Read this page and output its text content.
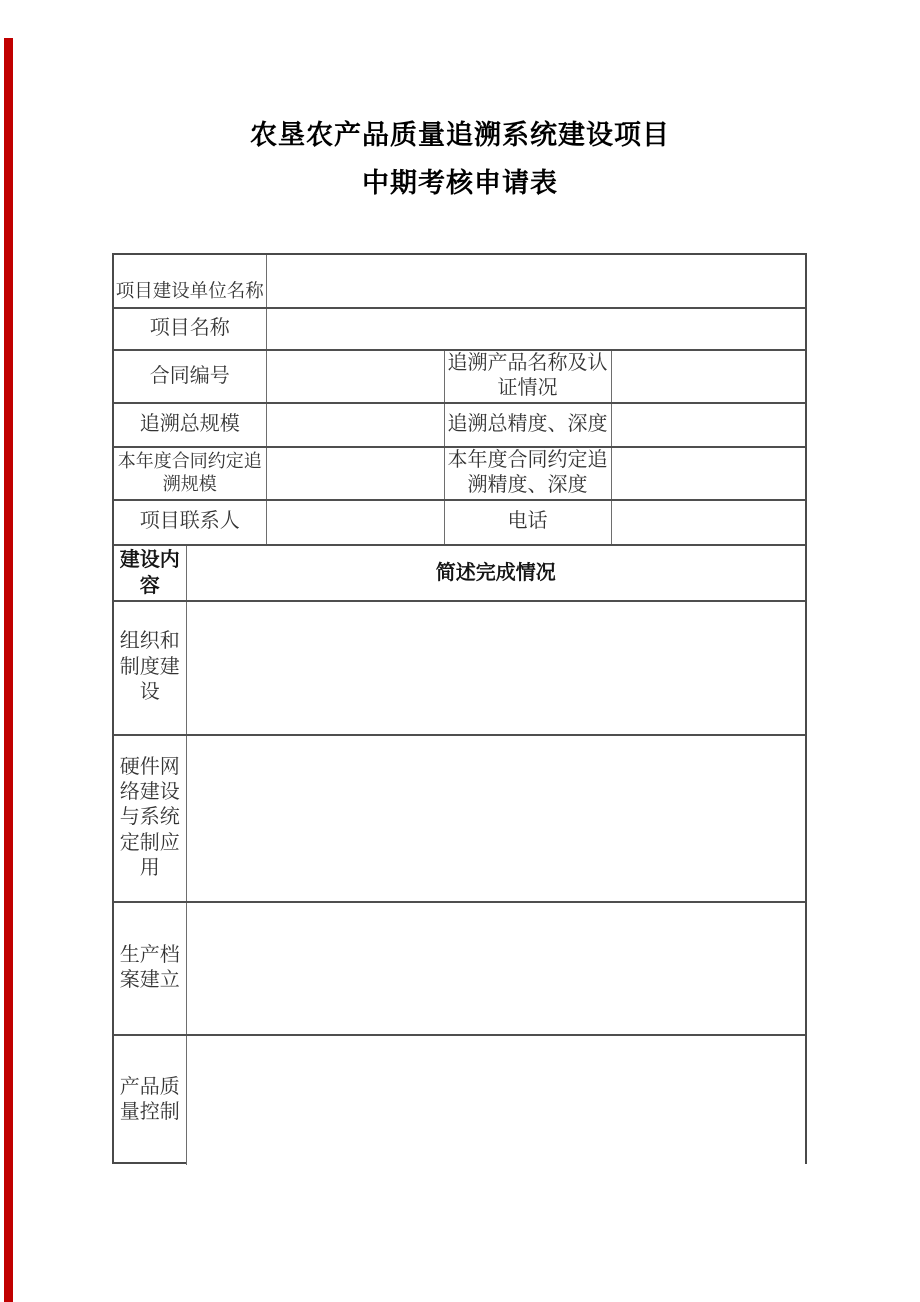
农垦农产品质量追溯系统建设项目
中期考核申请表
项目建设单位名称			
项目名称			
合同编号		追溯产品名称及认证情况	
追溯总规模		追溯总精度、深度	
本年度合同约定追溯规模		本年度合同约定追溯精度、深度	
项目联系人		电话	
建设内容	简述完成情况
组织和制度建设	
硬件网络建设与系统定制应用	
生产档案建立	
产品质量控制	
